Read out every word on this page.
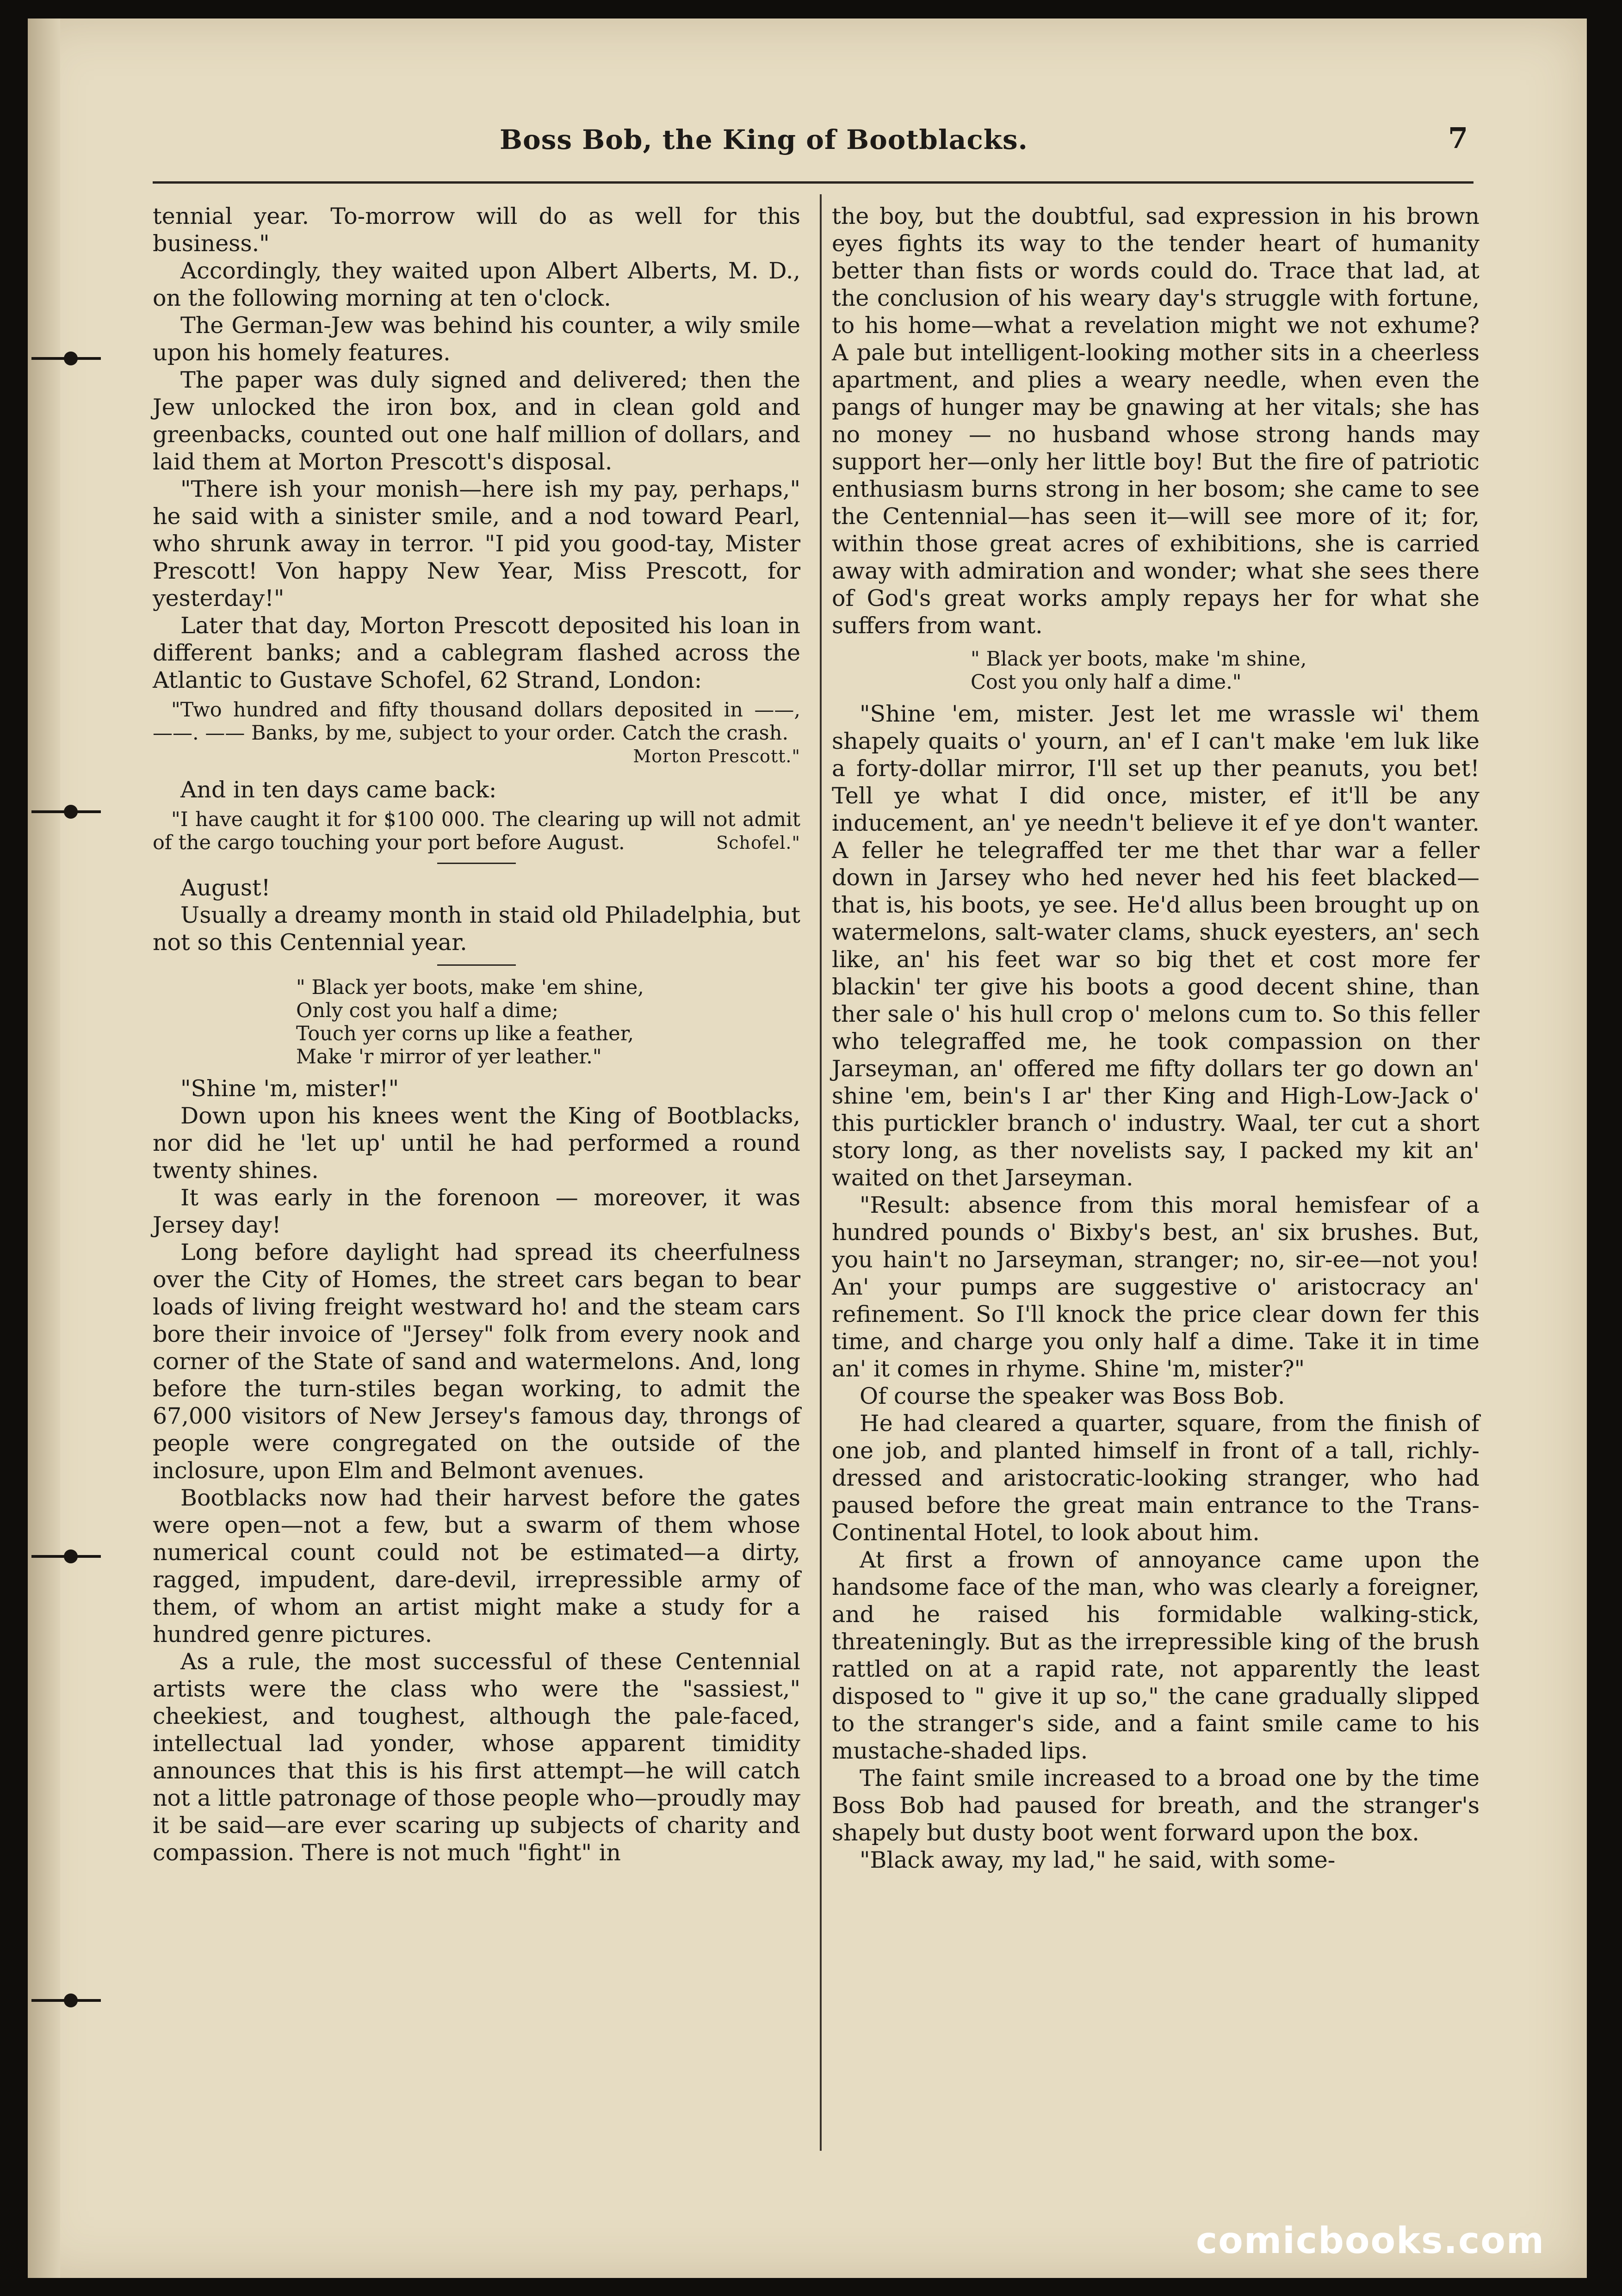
Boss Bob, the King of Bootblacks.	7

tennial year. To-morrow will do as well for this business."

Accordingly, they waited upon Albert Alberts, M. D., on the following morning at ten o'clock.

The German-Jew was behind his counter, a wily smile upon his homely features.

The paper was duly signed and delivered; then the Jew unlocked the iron box, and in clean gold and greenbacks, counted out one half million of dollars, and laid them at Morton Prescott's disposal.

"There ish your monish—here ish my pay, perhaps," he said with a sinister smile, and a nod toward Pearl, who shrunk away in terror. "I pid you good-tay, Mister Prescott! Von happy New Year, Miss Prescott, for yesterday!"

Later that day, Morton Prescott deposited his loan in different banks; and a cablegram flashed across the Atlantic to Gustave Schofel, 62 Strand, London:

"Two hundred and fifty thousand dollars deposited in ——, ——. —— Banks, by me, subject to your order. Catch the crash.
Morton Prescott."

And in ten days came back:

"I have caught it for $100 000. The clearing up will not admit of the cargo touching your port before August.	Schofel."

August!

Usually a dreamy month in staid old Philadelphia, but not so this Centennial year.

" Black yer boots, make 'em shine,
Only cost you half a dime;
Touch yer corns up like a feather,
Make 'r mirror of yer leather."

"Shine 'm, mister!"

Down upon his knees went the King of Bootblacks, nor did he 'let up' until he had performed a round twenty shines.

It was early in the forenoon — moreover, it was Jersey day!

Long before daylight had spread its cheerfulness over the City of Homes, the street cars began to bear loads of living freight westward ho! and the steam cars bore their invoice of "Jersey" folk from every nook and corner of the State of sand and watermelons. And, long before the turn-stiles began working, to admit the 67,000 visitors of New Jersey's famous day, throngs of people were congregated on the outside of the inclosure, upon Elm and Belmont avenues.

Bootblacks now had their harvest before the gates were open—not a few, but a swarm of them whose numerical count could not be estimated—a dirty, ragged, impudent, dare-devil, irrepressible army of them, of whom an artist might make a study for a hundred genre pictures.

As a rule, the most successful of these Centennial artists were the class who were the "sassiest," cheekiest, and toughest, although the pale-faced, intellectual lad yonder, whose apparent timidity announces that this is his first attempt—he will catch not a little patronage of those people who—proudly may it be said—are ever scaring up subjects of charity and compassion. There is not much "fight" in

the boy, but the doubtful, sad expression in his brown eyes fights its way to the tender heart of humanity better than fists or words could do. Trace that lad, at the conclusion of his weary day's struggle with fortune, to his home—what a revelation might we not exhume? A pale but intelligent-looking mother sits in a cheerless apartment, and plies a weary needle, when even the pangs of hunger may be gnawing at her vitals; she has no money — no husband whose strong hands may support her—only her little boy! But the fire of patriotic enthusiasm burns strong in her bosom; she came to see the Centennial—has seen it—will see more of it; for, within those great acres of exhibitions, she is carried away with admiration and wonder; what she sees there of God's great works amply repays her for what she suffers from want.

" Black yer boots, make 'm shine,
Cost you only half a dime."

"Shine 'em, mister. Jest let me wrassle wi' them shapely quaits o' yourn, an' ef I can't make 'em luk like a forty-dollar mirror, I'll set up ther peanuts, you bet! Tell ye what I did once, mister, ef it'll be any inducement, an' ye needn't believe it ef ye don't wanter. A feller he telegraffed ter me thet thar war a feller down in Jarsey who hed never hed his feet blacked—that is, his boots, ye see. He'd allus been brought up on watermelons, salt-water clams, shuck eyesters, an' sech like, an' his feet war so big thet et cost more fer blackin' ter give his boots a good decent shine, than ther sale o' his hull crop o' melons cum to. So this feller who telegraffed me, he took compassion on ther Jarseyman, an' offered me fifty dollars ter go down an' shine 'em, bein's I ar' ther King and High-Low-Jack o' this purtickler branch o' industry. Waal, ter cut a short story long, as ther novelists say, I packed my kit an' waited on thet Jarseyman.

"Result: absence from this moral hemisfear of a hundred pounds o' Bixby's best, an' six brushes. But, you hain't no Jarseyman, stranger; no, sir-ee—not you! An' your pumps are suggestive o' aristocracy an' refinement. So I'll knock the price clear down fer this time, and charge you only half a dime. Take it in time an' it comes in rhyme. Shine 'm, mister?"

Of course the speaker was Boss Bob.

He had cleared a quarter, square, from the finish of one job, and planted himself in front of a tall, richly-dressed and aristocratic-looking stranger, who had paused before the great main entrance to the Trans-Continental Hotel, to look about him.

At first a frown of annoyance came upon the handsome face of the man, who was clearly a foreigner, and he raised his formidable walking-stick, threateningly. But as the irrepressible king of the brush rattled on at a rapid rate, not apparently the least disposed to " give it up so," the cane gradually slipped to the stranger's side, and a faint smile came to his mustache-shaded lips.

The faint smile increased to a broad one by the time Boss Bob had paused for breath, and the stranger's shapely but dusty boot went forward upon the box.

"Black away, my lad," he said, with some-

comicbooks.com
